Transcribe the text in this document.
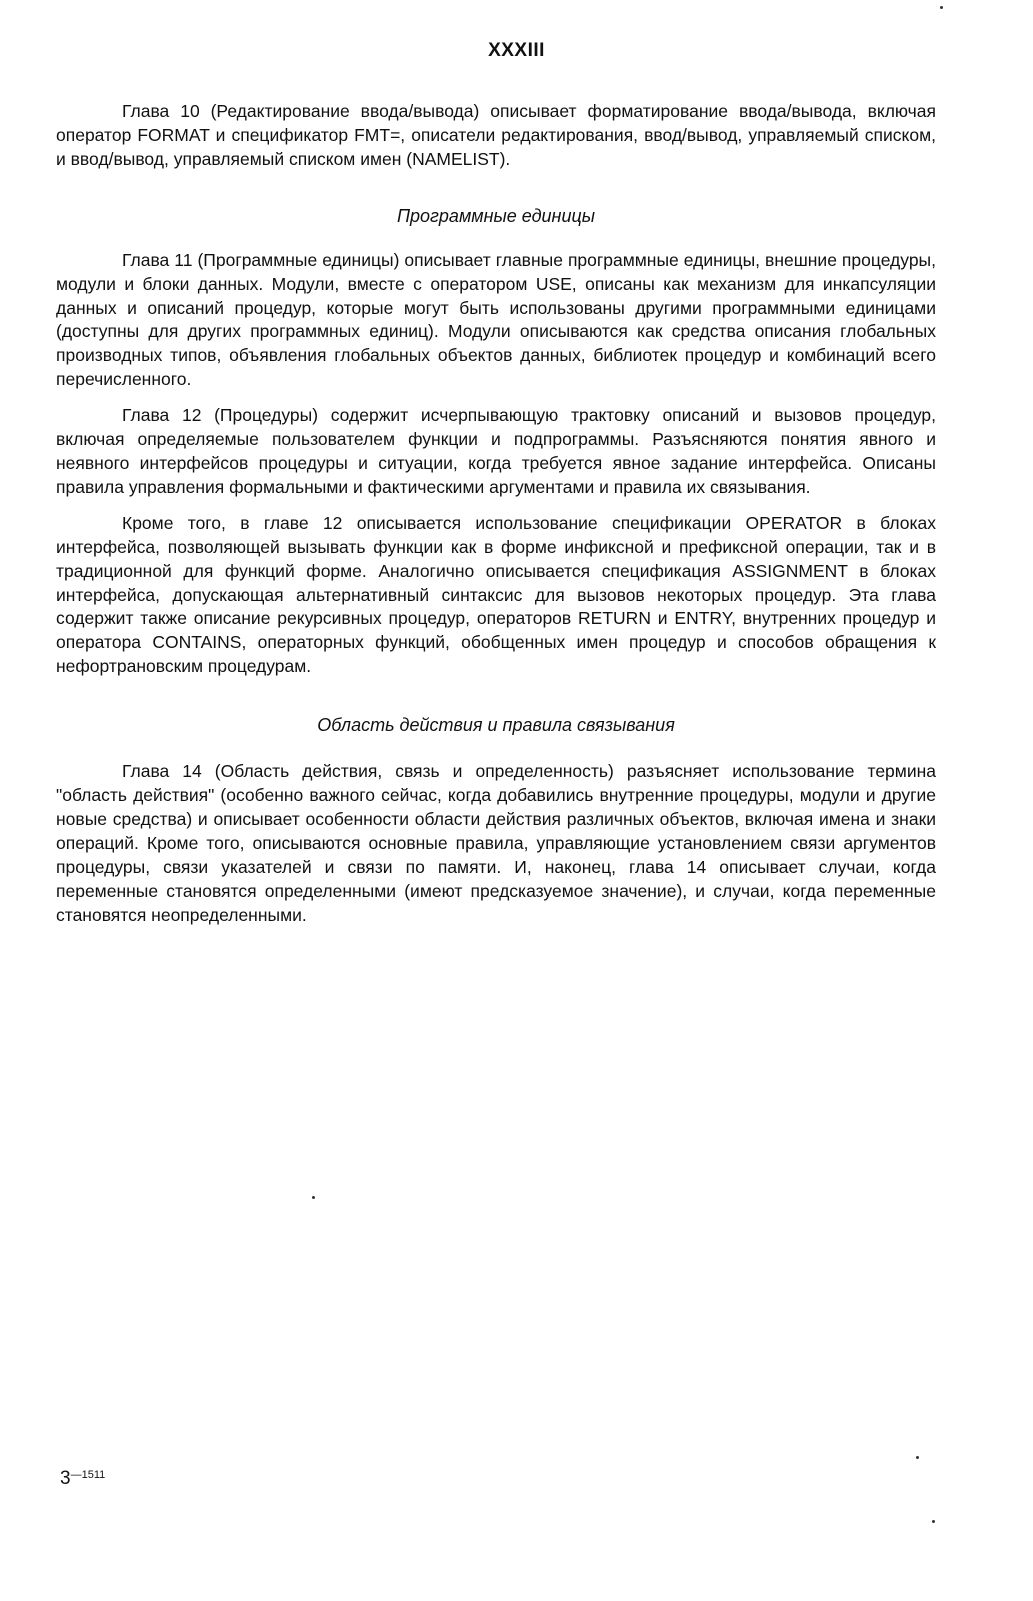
XXXIII

Глава 10 (Редактирование ввода/вывода) описывает форматирование ввода/вывода, включая оператор FORMAT и спецификатор FMT=, описатели редактирования, ввод/вывод, управляемый списком, и ввод/вывод, управляемый списком имен (NAMELIST).

Программные единицы

Глава 11 (Программные единицы) описывает главные программные единицы, внешние процедуры, модули и блоки данных. Модули, вместе с оператором USE, описаны как механизм для инкапсуляции данных и описаний процедур, которые могут быть использованы другими программными единицами (доступны для других программных единиц). Модули описываются как средства описания глобальных производных типов, объявления глобальных объектов данных, библиотек процедур и комбинаций всего перечисленного.

Глава 12 (Процедуры) содержит исчерпывающую трактовку описаний и вызовов процедур, включая определяемые пользователем функции и подпрограммы. Разъясняются понятия явного и неявного интерфейсов процедуры и ситуации, когда требуется явное задание интерфейса. Описаны правила управления формальными и фактическими аргументами и правила их связывания.

Кроме того, в главе 12 описывается использование спецификации OPERATOR в блоках интерфейса, позволяющей вызывать функции как в форме инфиксной и префиксной операции, так и в традиционной для функций форме. Аналогично описывается спецификация ASSIGNMENT в блоках интерфейса, допускающая альтернативный синтаксис для вызовов некоторых процедур. Эта глава содержит также описание рекурсивных процедур, операторов RETURN и ENTRY, внутренних процедур и оператора CONTAINS, операторных функций, обобщенных имен процедур и способов обращения к нефортрановским процедурам.

Область действия и правила связывания

Глава 14 (Область действия, связь и определенность) разъясняет использование термина "область действия" (особенно важного сейчас, когда добавились внутренние процедуры, модули и другие новые средства) и описывает особенности области действия различных объектов, включая имена и знаки операций. Кроме того, описываются основные правила, управляющие установлением связи аргументов процедуры, связи указателей и связи по памяти. И, наконец, глава 14 описывает случаи, когда переменные становятся определенными (имеют предсказуемое значение), и случаи, когда переменные становятся неопределенными.

$3^{—1511}$
